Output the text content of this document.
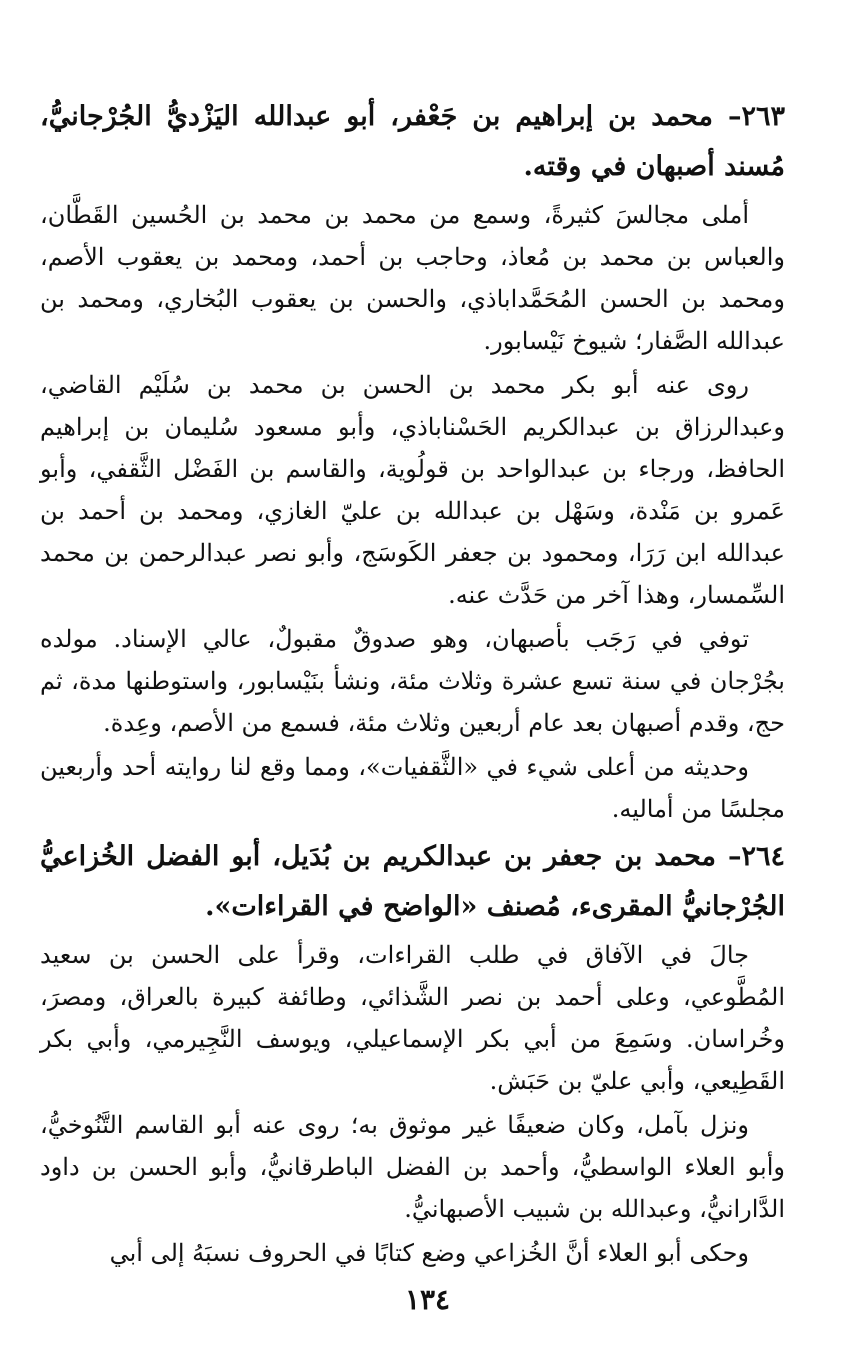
٢٦٣– محمد بن إبراهيم بن جَعْفر، أبو عبدالله اليَزْديُّ الجُرْجانيُّ، مُسند أصبهان في وقته.

أملى مجالسَ كثيرةً، وسمع من محمد بن محمد بن الحُسين القَطَّان، والعباس بن محمد بن مُعاذ، وحاجب بن أحمد، ومحمد بن يعقوب الأصم، ومحمد بن الحسن المُحَمَّداباذي، والحسن بن يعقوب البُخاري، ومحمد بن عبدالله الصَّفار؛ شيوخ نَيْسابور.

روى عنه أبو بكر محمد بن الحسن بن محمد بن سُلَيْم القاضي، وعبدالرزاق بن عبدالكريم الحَسْناباذي، وأبو مسعود سُليمان بن إبراهيم الحافظ، ورجاء بن عبدالواحد بن قولُوية، والقاسم بن الفَضْل الثَّقفي، وأبو عَمرو بن مَنْدة، وسَهْل بن عبدالله بن عليّ الغازي، ومحمد بن أحمد بن عبدالله ابن رَرَا، ومحمود بن جعفر الكَوسَج، وأبو نصر عبدالرحمن بن محمد السِّمسار، وهذا آخر من حَدَّث عنه.

توفي في رَجَب بأصبهان، وهو صدوقٌ مقبولٌ، عالي الإسناد. مولده بجُرْجان في سنة تسع عشرة وثلاث مئة، ونشأ بنَيْسابور، واستوطنها مدة، ثم حج، وقدم أصبهان بعد عام أربعين وثلاث مئة، فسمع من الأصم، وعِدة.

وحديثه من أعلى شيء في «الثَّقفيات»، ومما وقع لنا روايته أحد وأربعين مجلسًا من أماليه.

٢٦٤– محمد بن جعفر بن عبدالكريم بن بُدَيل، أبو الفضل الخُزاعيُّ الجُرْجانيُّ المقرىء، مُصنف «الواضح في القراءات».

جالَ في الآفاق في طلب القراءات، وقرأ على الحسن بن سعيد المُطَّوعي، وعلى أحمد بن نصر الشَّذائي، وطائفة كبيرة بالعراق، ومصرَ، وخُراسان. وسَمِعَ من أبي بكر الإسماعيلي، ويوسف النَّجِيرمي، وأبي بكر القَطِيعي، وأبي عليّ بن حَبَش.

ونزل بآمل، وكان ضعيفًا غير موثوق به؛ روى عنه أبو القاسم التَّنُوخيُّ، وأبو العلاء الواسطيُّ، وأحمد بن الفضل الباطرقانيُّ، وأبو الحسن بن داود الدَّارانيُّ، وعبدالله بن شبيب الأصبهانيُّ.

وحكى أبو العلاء أنَّ الخُزاعي وضع كتابًا في الحروف نسبَهُ إلى أبي

١٣٤
